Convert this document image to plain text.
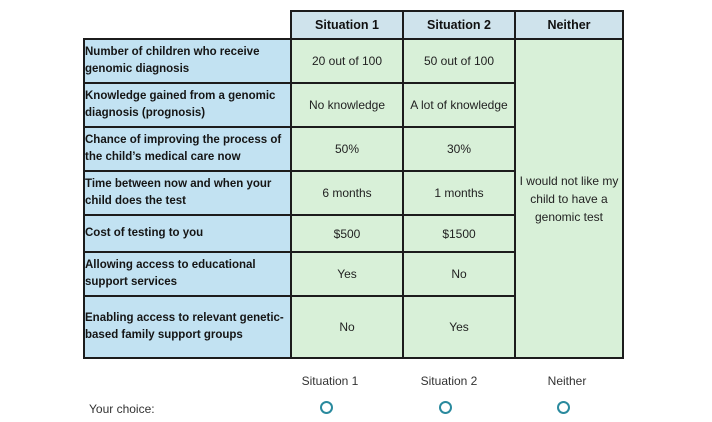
	Situation 1	Situation 2	Neither
Number of children who receive genomic diagnosis	20 out of 100	50 out of 100	I would not like my child to have a genomic test
Knowledge gained from a genomic diagnosis (prognosis)	No knowledge	A lot of knowledge	
Chance of improving the process of the child’s medical care now	50%	30%	
Time between now and when your child does the test	6 months	1 months	
Cost of testing to you	$500	$1500	
Allowing access to educational support services	Yes	No	
Enabling access to relevant genetic-based family support groups	No	Yes	
Situation 1	Situation 2	Neither
Your choice:
